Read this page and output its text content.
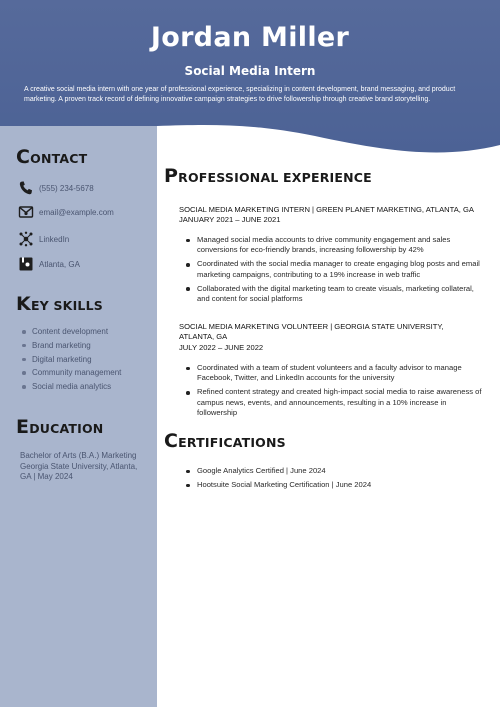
Jordan Miller
Social Media Intern
A creative social media intern with one year of professional experience, specializing in content development, brand messaging, and product marketing. A proven track record of defining innovative campaign strategies to drive followership through creative brand storytelling.
CONTACT
(555) 234-5678
email@example.com
LinkedIn
Atlanta, GA
KEY SKILLS
Content development
Brand marketing
Digital marketing
Community management
Social media analytics
EDUCATION
Bachelor of Arts (B.A.) Marketing Georgia State University, Atlanta, GA | May 2024
PROFESSIONAL EXPERIENCE
SOCIAL MEDIA MARKETING INTERN | GREEN PLANET MARKETING, ATLANTA, GA
JANUARY 2021 – JUNE 2021
Managed social media accounts to drive community engagement and sales conversions for eco-friendly brands, increasing followership by 42%
Coordinated with the social media manager to create engaging blog posts and email marketing campaigns, contributing to a 19% increase in web traffic
Collaborated with the digital marketing team to create visuals, marketing collateral, and content for social platforms
SOCIAL MEDIA MARKETING VOLUNTEER | GEORGIA STATE UNIVERSITY, ATLANTA, GA
JULY 2022 – JUNE 2022
Coordinated with a team of student volunteers and a faculty advisor to manage Facebook, Twitter, and LinkedIn accounts for the university
Refined content strategy and created high-impact social media to raise awareness of campus news, events, and announcements, resulting in a 10% increase in followership
CERTIFICATIONS
Google Analytics Certified | June 2024
Hootsuite Social Marketing Certification | June 2024
